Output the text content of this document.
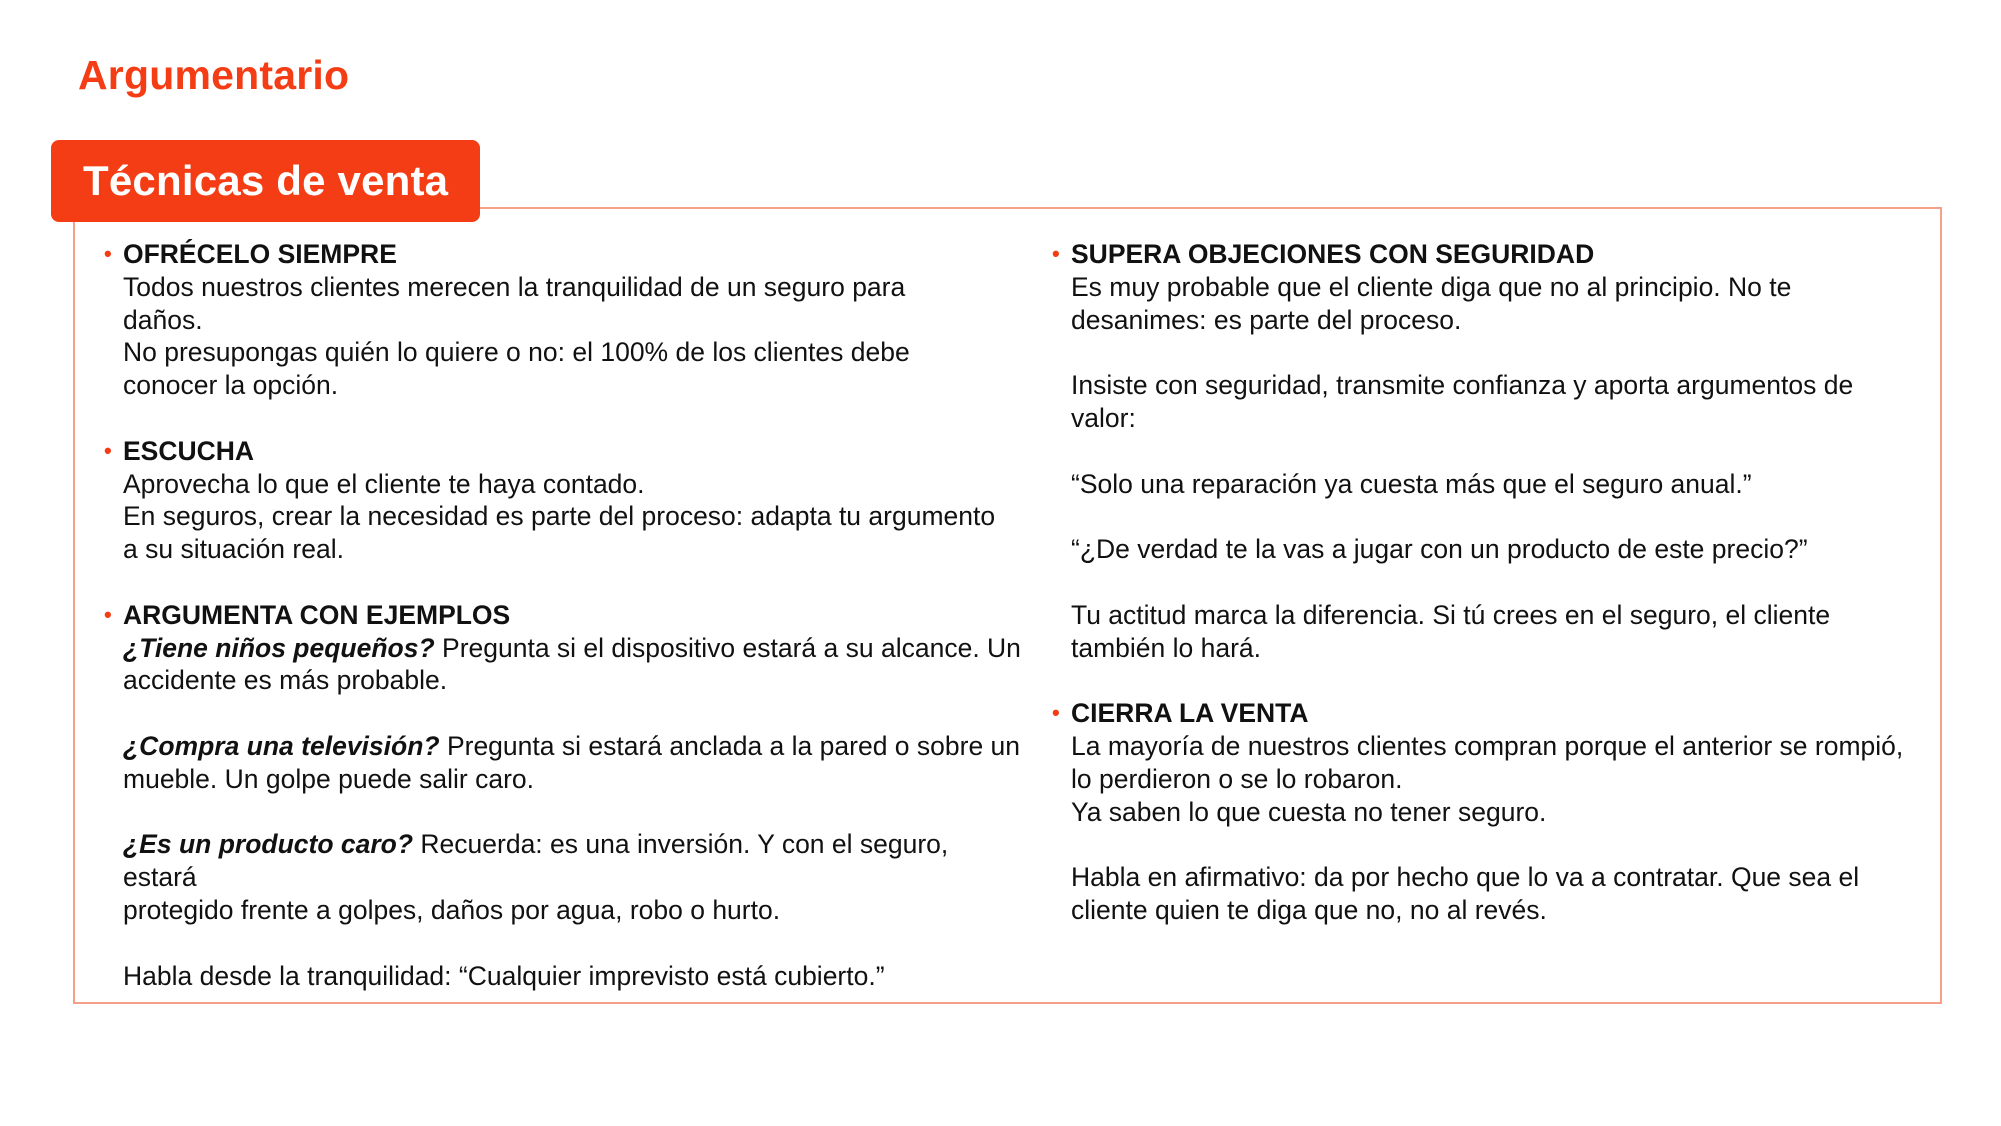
Argumentario
Técnicas de venta
• OFRÉCELO SIEMPRE
Todos nuestros clientes merecen la tranquilidad de un seguro para
daños.
No presupongas quién lo quiere o no: el 100% de los clientes debe
conocer la opción.
• ESCUCHA
Aprovecha lo que el cliente te haya contado.
En seguros, crear la necesidad es parte del proceso: adapta tu argumento
a su situación real.
• ARGUMENTA CON EJEMPLOS
¿Tiene niños pequeños? Pregunta si el dispositivo estará a su alcance. Un
accidente es más probable.
¿Compra una televisión? Pregunta si estará anclada a la pared o sobre un
mueble. Un golpe puede salir caro.
¿Es un producto caro? Recuerda: es una inversión. Y con el seguro, estará
protegido frente a golpes, daños por agua, robo o hurto.
Habla desde la tranquilidad: “Cualquier imprevisto está cubierto.”
• SUPERA OBJECIONES CON SEGURIDAD
Es muy probable que el cliente diga que no al principio. No te
desanimes: es parte del proceso.
Insiste con seguridad, transmite confianza y aporta argumentos de
valor:
“Solo una reparación ya cuesta más que el seguro anual.”
“¿De verdad te la vas a jugar con un producto de este precio?”
Tu actitud marca la diferencia. Si tú crees en el seguro, el cliente
también lo hará.
• CIERRA LA VENTA
La mayoría de nuestros clientes compran porque el anterior se rompió,
lo perdieron o se lo robaron.
Ya saben lo que cuesta no tener seguro.
Habla en afirmativo: da por hecho que lo va a contratar. Que sea el
cliente quien te diga que no, no al revés.
